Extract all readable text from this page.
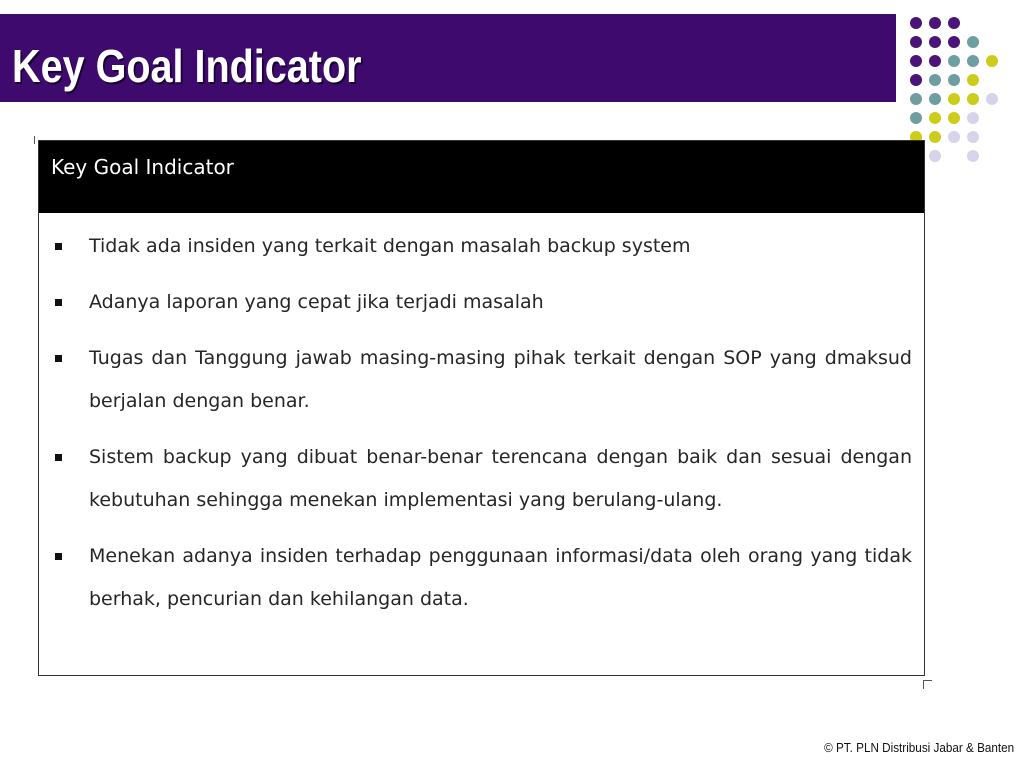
Key Goal Indicator
Key Goal Indicator
Tidak ada insiden yang terkait dengan masalah backup system
Adanya laporan yang cepat jika terjadi masalah
Tugas dan Tanggung jawab masing-masing pihak terkait dengan SOP yang dmaksud berjalan dengan benar.
Sistem backup yang dibuat benar-benar terencana dengan baik dan sesuai dengan kebutuhan sehingga menekan implementasi yang berulang-ulang.
Menekan adanya insiden terhadap penggunaan informasi/data oleh orang yang tidak berhak, pencurian dan kehilangan data.
© PT. PLN Distribusi Jabar & Banten
